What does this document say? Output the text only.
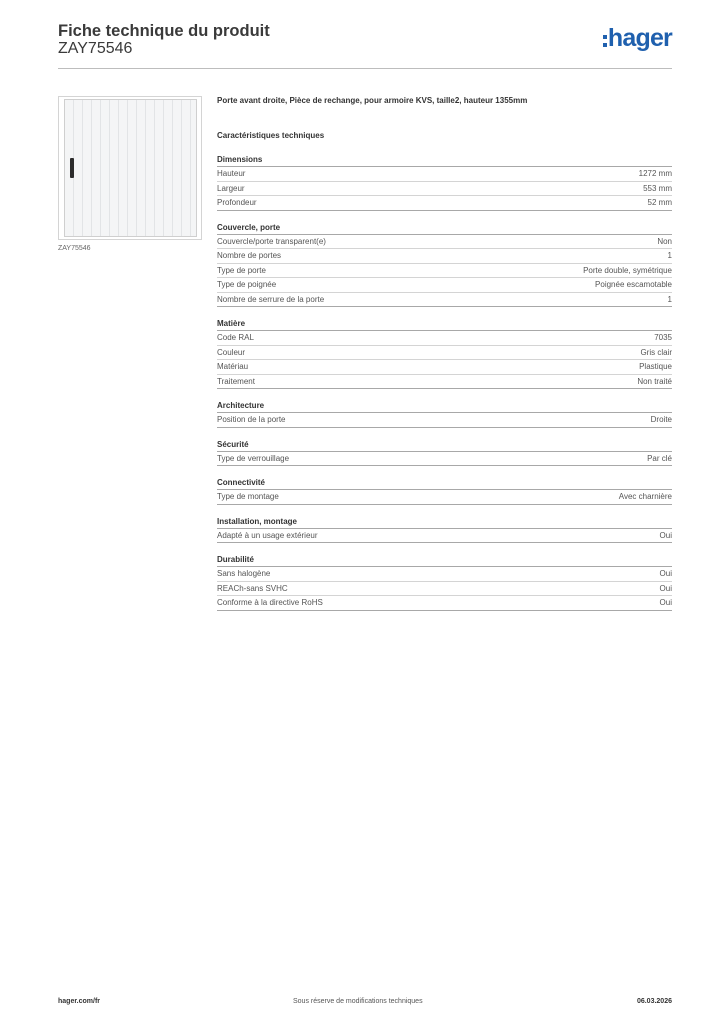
Fiche technique du produit
ZAY75546	hager
ZAY75546
Porte avant droite, Pièce de rechange, pour armoire KVS, taille2, hauteur 1355mm
Caractéristiques techniques
Dimensions
Hauteur	1272 mm
Largeur	553 mm
Profondeur	52 mm
Couvercle, porte
Couvercle/porte transparent(e)	Non
Nombre de portes	1
Type de porte	Porte double, symétrique
Type de poignée	Poignée escamotable
Nombre de serrure de la porte	1
Matière
Code RAL	7035
Couleur	Gris clair
Matériau	Plastique
Traitement	Non traité
Architecture
Position de la porte	Droite
Sécurité
Type de verrouillage	Par clé
Connectivité
Type de montage	Avec charnière
Installation, montage
Adapté à un usage extérieur	Oui
Durabilité
Sans halogène	Oui
REACh-sans SVHC	Oui
Conforme à la directive RoHS	Oui
hager.com/fr	Sous réserve de modifications techniques	06.03.2026
